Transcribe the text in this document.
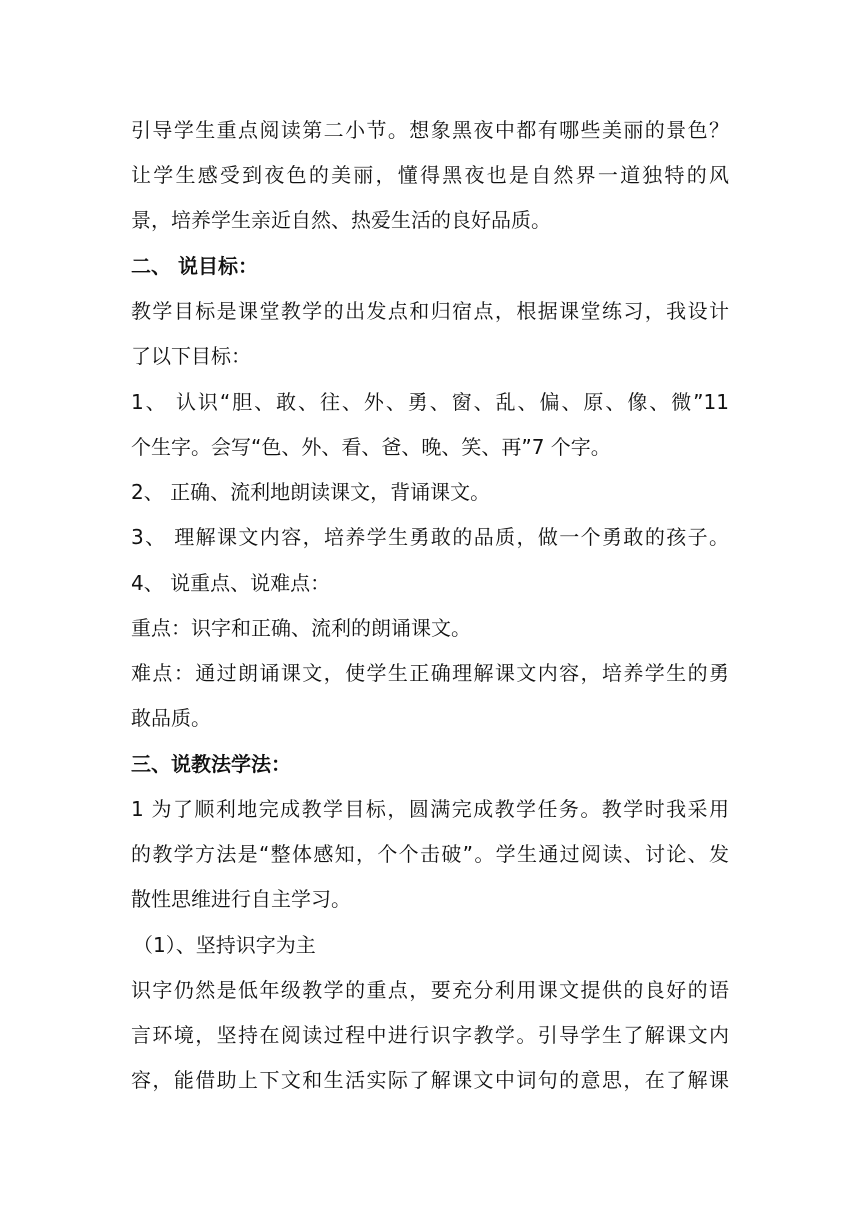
引导学生重点阅读第二小节。想象黑夜中都有哪些美丽的景色？
让学生感受到夜色的美丽，懂得黑夜也是自然界一道独特的风
景，培养学生亲近自然、热爱生活的良好品质。
二、 说目标：
教学目标是课堂教学的出发点和归宿点，根据课堂练习，我设计
了以下目标：
1、 认识“胆、敢、往、外、勇、窗、乱、偏、原、像、微”11
个生字。会写“色、外、看、爸、晚、笑、再”7 个字。
2、 正确、流利地朗读课文，背诵课文。
3、 理解课文内容，培养学生勇敢的品质，做一个勇敢的孩子。
4、 说重点、说难点：
重点：识字和正确、流利的朗诵课文。
难点：通过朗诵课文，使学生正确理解课文内容，培养学生的勇
敢品质。
三、说教法学法：
1 为了顺利地完成教学目标，圆满完成教学任务。教学时我采用
的教学方法是“整体感知，个个击破”。学生通过阅读、讨论、发
散性思维进行自主学习。
（1）、坚持识字为主
识字仍然是低年级教学的重点，要充分利用课文提供的良好的语
言环境，坚持在阅读过程中进行识字教学。引导学生了解课文内
容，能借助上下文和生活实际了解课文中词句的意思，在了解课
